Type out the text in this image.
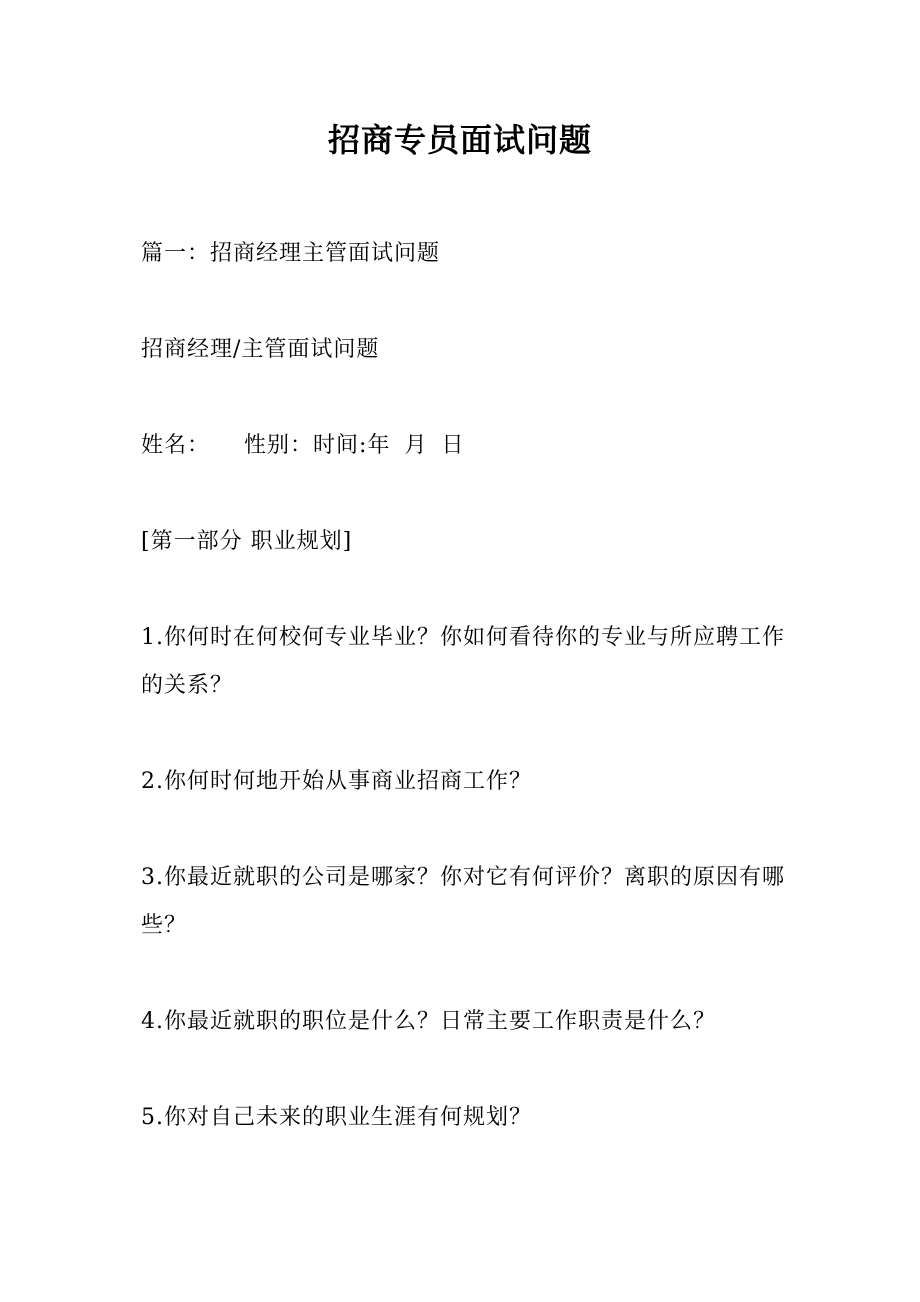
招商专员面试问题

篇一：招商经理主管面试问题

招商经理/主管面试问题

姓名： 性别：时间:年 月 日

[第一部分 职业规划]

1.你何时在何校何专业毕业？你如何看待你的专业与所应聘工作的关系？

2.你何时何地开始从事商业招商工作？

3.你最近就职的公司是哪家？你对它有何评价？离职的原因有哪些？

4.你最近就职的职位是什么？日常主要工作职责是什么？

5.你对自己未来的职业生涯有何规划？
